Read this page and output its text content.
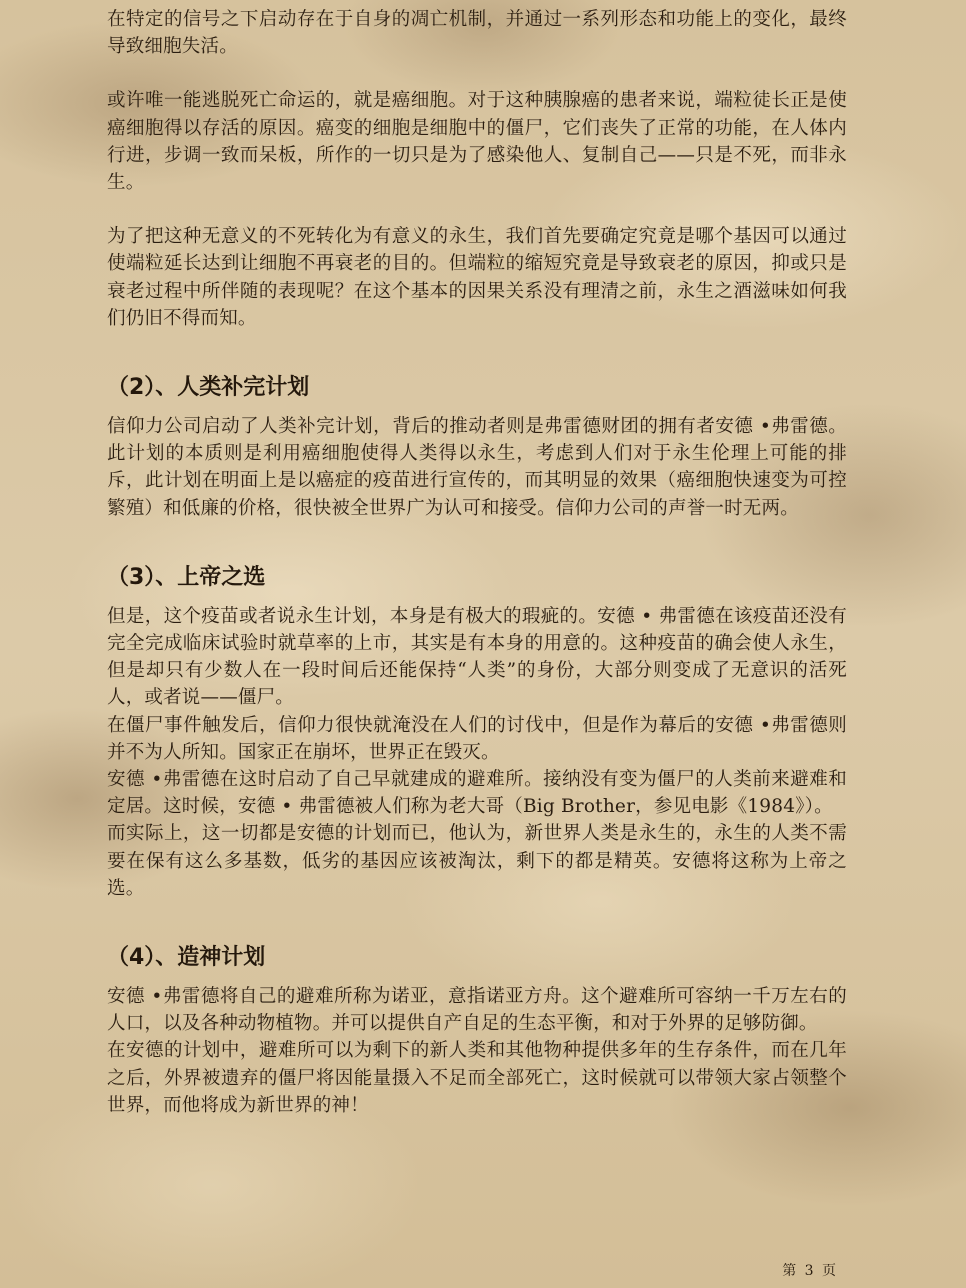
在特定的信号之下启动存在于自身的凋亡机制，并通过一系列形态和功能上的变化，最终导致细胞失活。

或许唯一能逃脱死亡命运的，就是癌细胞。对于这种胰腺癌的患者来说，端粒徒长正是使癌细胞得以存活的原因。癌变的细胞是细胞中的僵尸，它们丧失了正常的功能，在人体内行进，步调一致而呆板，所作的一切只是为了感染他人、复制自己——只是不死，而非永生。

为了把这种无意义的不死转化为有意义的永生，我们首先要确定究竟是哪个基因可以通过使端粒延长达到让细胞不再衰老的目的。但端粒的缩短究竟是导致衰老的原因，抑或只是衰老过程中所伴随的表现呢？在这个基本的因果关系没有理清之前，永生之酒滋味如何我们仍旧不得而知。

（2）、人类补完计划

信仰力公司启动了人类补完计划，背后的推动者则是弗雷德财团的拥有者安德 •弗雷德。此计划的本质则是利用癌细胞使得人类得以永生，考虑到人们对于永生伦理上可能的排斥，此计划在明面上是以癌症的疫苗进行宣传的，而其明显的效果（癌细胞快速变为可控繁殖）和低廉的价格，很快被全世界广为认可和接受。信仰力公司的声誉一时无两。

（3）、上帝之选

但是，这个疫苗或者说永生计划，本身是有极大的瑕疵的。安德 • 弗雷德在该疫苗还没有完全完成临床试验时就草率的上市，其实是有本身的用意的。这种疫苗的确会使人永生，但是却只有少数人在一段时间后还能保持“人类”的身份，大部分则变成了无意识的活死人，或者说——僵尸。

在僵尸事件触发后，信仰力很快就淹没在人们的讨伐中，但是作为幕后的安德 •弗雷德则并不为人所知。国家正在崩坏，世界正在毁灭。

安德 •弗雷德在这时启动了自己早就建成的避难所。接纳没有变为僵尸的人类前来避难和定居。这时候，安德 • 弗雷德被人们称为老大哥（Big Brother，参见电影《1984》）。

而实际上，这一切都是安德的计划而已，他认为，新世界人类是永生的，永生的人类不需要在保有这么多基数，低劣的基因应该被淘汰，剩下的都是精英。安德将这称为上帝之选。

（4）、造神计划

安德 •弗雷德将自己的避难所称为诺亚，意指诺亚方舟。这个避难所可容纳一千万左右的人口，以及各种动物植物。并可以提供自产自足的生态平衡，和对于外界的足够防御。

在安德的计划中，避难所可以为剩下的新人类和其他物种提供多年的生存条件，而在几年之后，外界被遗弃的僵尸将因能量摄入不足而全部死亡，这时候就可以带领大家占领整个世界，而他将成为新世界的神！

第 3 页
